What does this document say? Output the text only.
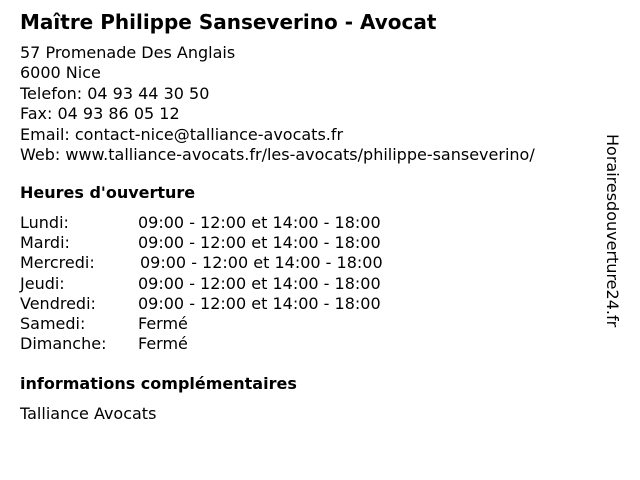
Maître Philippe Sanseverino - Avocat
57 Promenade Des Anglais
6000 Nice
Telefon: 04 93 44 30 50
Fax: 04 93 86 05 12
Email: contact-nice@talliance-avocats.fr
Web: www.talliance-avocats.fr/les-avocats/philippe-sanseverino/
Heures d'ouverture
Lundi:	09:00 - 12:00 et 14:00 - 18:00
Mardi:	09:00 - 12:00 et 14:00 - 18:00
Mercredi:	09:00 - 12:00 et 14:00 - 18:00
Jeudi:	09:00 - 12:00 et 14:00 - 18:00
Vendredi:	09:00 - 12:00 et 14:00 - 18:00
Samedi:	Fermé
Dimanche: Fermé
informations complémentaires
Talliance Avocats
Horairesdouverture24.fr
